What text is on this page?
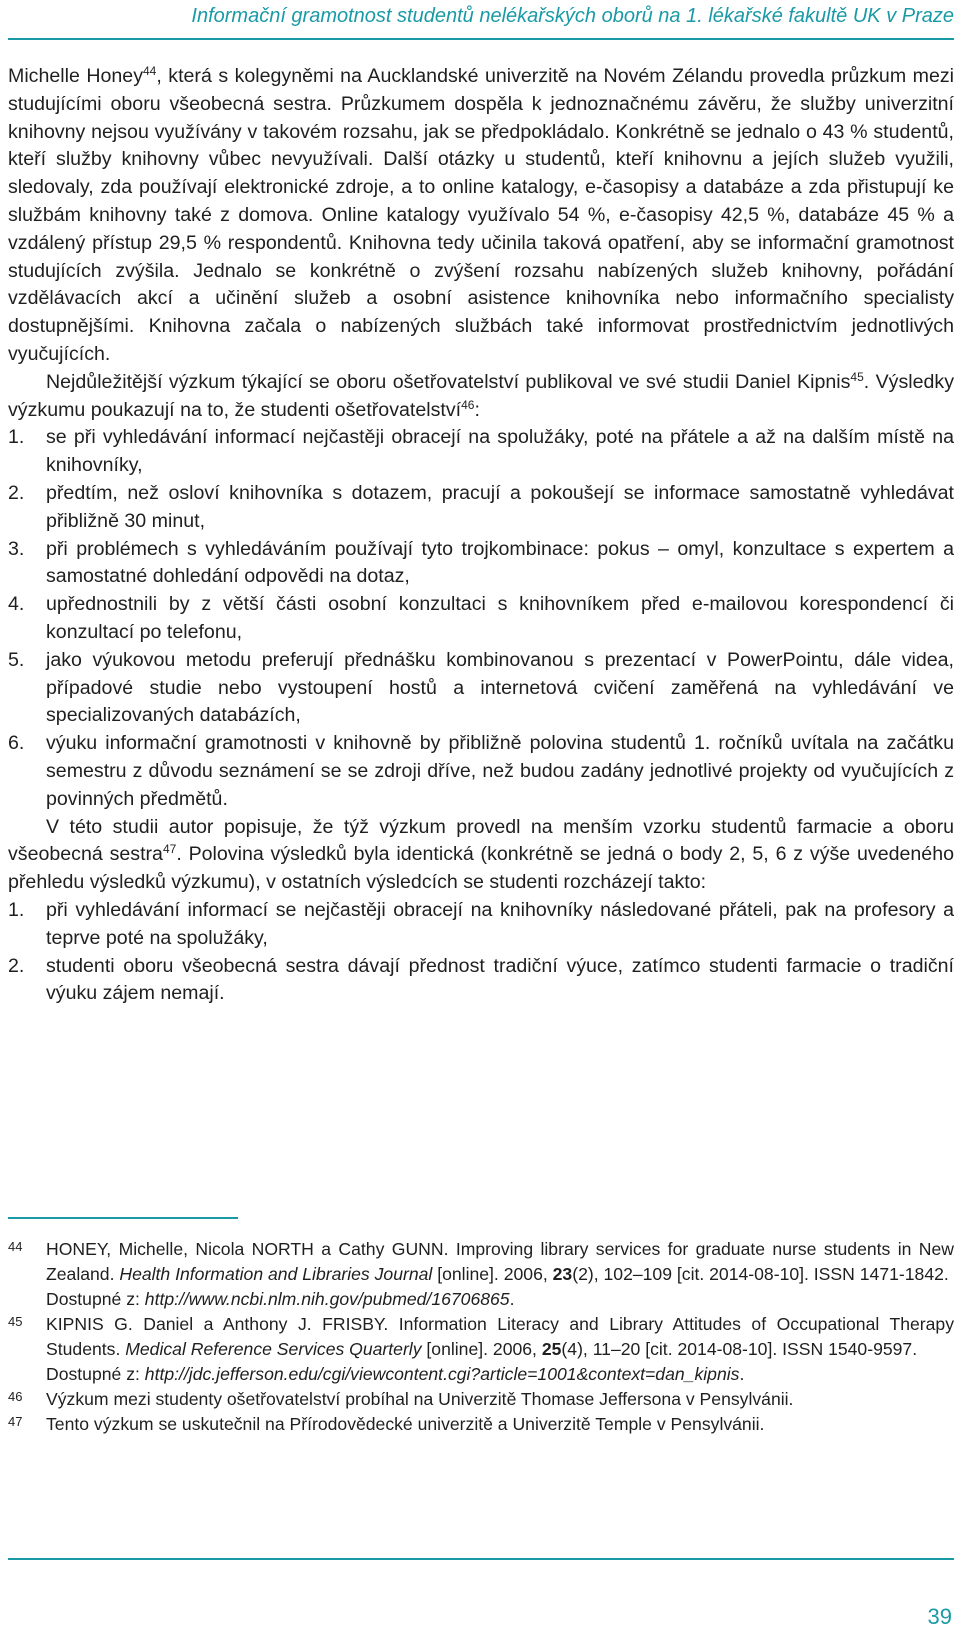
Informační gramotnost studentů nelékařských oborů na 1. lékařské fakultě UK v Praze

Michelle Honey$^{44}$, která s kolegyněmi na Aucklandské univerzitě na Novém Zélandu provedla průzkum mezi studujícími oboru všeobecná sestra. Průzkumem dospěla k jednoznačnému závěru, že služby univerzitní knihovny nejsou využívány v takovém rozsahu, jak se předpokládalo. Konkrétně se jednalo o 43 % studentů, kteří služby knihovny vůbec nevyužívali. Další otázky u studentů, kteří knihovnu a jejích služeb využili, sledovaly, zda používají elektronické zdroje, a to online katalogy, e-časopisy a databáze a zda přistupují ke službám knihovny také z domova. Online katalogy využívalo 54 %, e-časopisy 42,5 %, databáze 45 % a vzdálený přístup 29,5 % respondentů. Knihovna tedy učinila taková opatření, aby se informační gramotnost studujících zvýšila. Jednalo se konkrétně o zvýšení rozsahu nabízených služeb knihovny, pořádání vzdělávacích akcí a učinění služeb a osobní asistence knihovníka nebo informačního specialisty dostupnějšími. Knihovna začala o nabízených službách také informovat prostřednictvím jednotlivých vyučujících.

Nejdůležitější výzkum týkající se oboru ošetřovatelství publikoval ve své studii Daniel Kipnis$^{45}$. Výsledky výzkumu poukazují na to, že studenti ošetřovatelství$^{46}$:

1. se při vyhledávání informací nejčastěji obracejí na spolužáky, poté na přátele a až na dalším místě na knihovníky,
2. předtím, než osloví knihovníka s dotazem, pracují a pokoušejí se informace samostatně vyhledávat přibližně 30 minut,
3. při problémech s vyhledáváním používají tyto trojkombinace: pokus – omyl, konzultace s expertem a samostatné dohledání odpovědi na dotaz,
4. upřednostnili by z větší části osobní konzultaci s knihovníkem před e-mailovou korespondencí či konzultací po telefonu,
5. jako výukovou metodu preferují přednášku kombinovanou s prezentací v PowerPointu, dále videa, případové studie nebo vystoupení hostů a internetová cvičení zaměřená na vyhledávání ve specializovaných databázích,
6. výuku informační gramotnosti v knihovně by přibližně polovina studentů 1. ročníků uvítala na začátku semestru z důvodu seznámení se se zdroji dříve, než budou zadány jednotlivé projekty od vyučujících z povinných předmětů.

V této studii autor popisuje, že týž výzkum provedl na menším vzorku studentů farmacie a oboru všeobecná sestra$^{47}$. Polovina výsledků byla identická (konkrétně se jedná o body 2, 5, 6 z výše uvedeného přehledu výsledků výzkumu), v ostatních výsledcích se studenti rozcházejí takto:

1. při vyhledávání informací se nejčastěji obracejí na knihovníky následované přáteli, pak na profesory a teprve poté na spolužáky,
2. studenti oboru všeobecná sestra dávají přednost tradiční výuce, zatímco studenti farmacie o tradiční výuku zájem nemají.
44 HONEY, Michelle, Nicola NORTH a Cathy GUNN. Improving library services for graduate nurse students in New Zealand. Health Information and Libraries Journal [online]. 2006, 23(2), 102–109 [cit. 2014-08-10]. ISSN 1471-1842.
Dostupné z: http://www.ncbi.nlm.nih.gov/pubmed/16706865.
45 KIPNIS G. Daniel a Anthony J. FRISBY. Information Literacy and Library Attitudes of Occupational Therapy Students. Medical Reference Services Quarterly [online]. 2006, 25(4), 11–20 [cit. 2014-08-10]. ISSN 1540-9597.
Dostupné z: http://jdc.jefferson.edu/cgi/viewcontent.cgi?article=1001&context=dan_kipnis.
46 Výzkum mezi studenty ošetřovatelství probíhal na Univerzitě Thomase Jeffersona v Pensylvánii.
47 Tento výzkum se uskutečnil na Přírodovědecké univerzitě a Univerzitě Temple v Pensylvánii.
39
